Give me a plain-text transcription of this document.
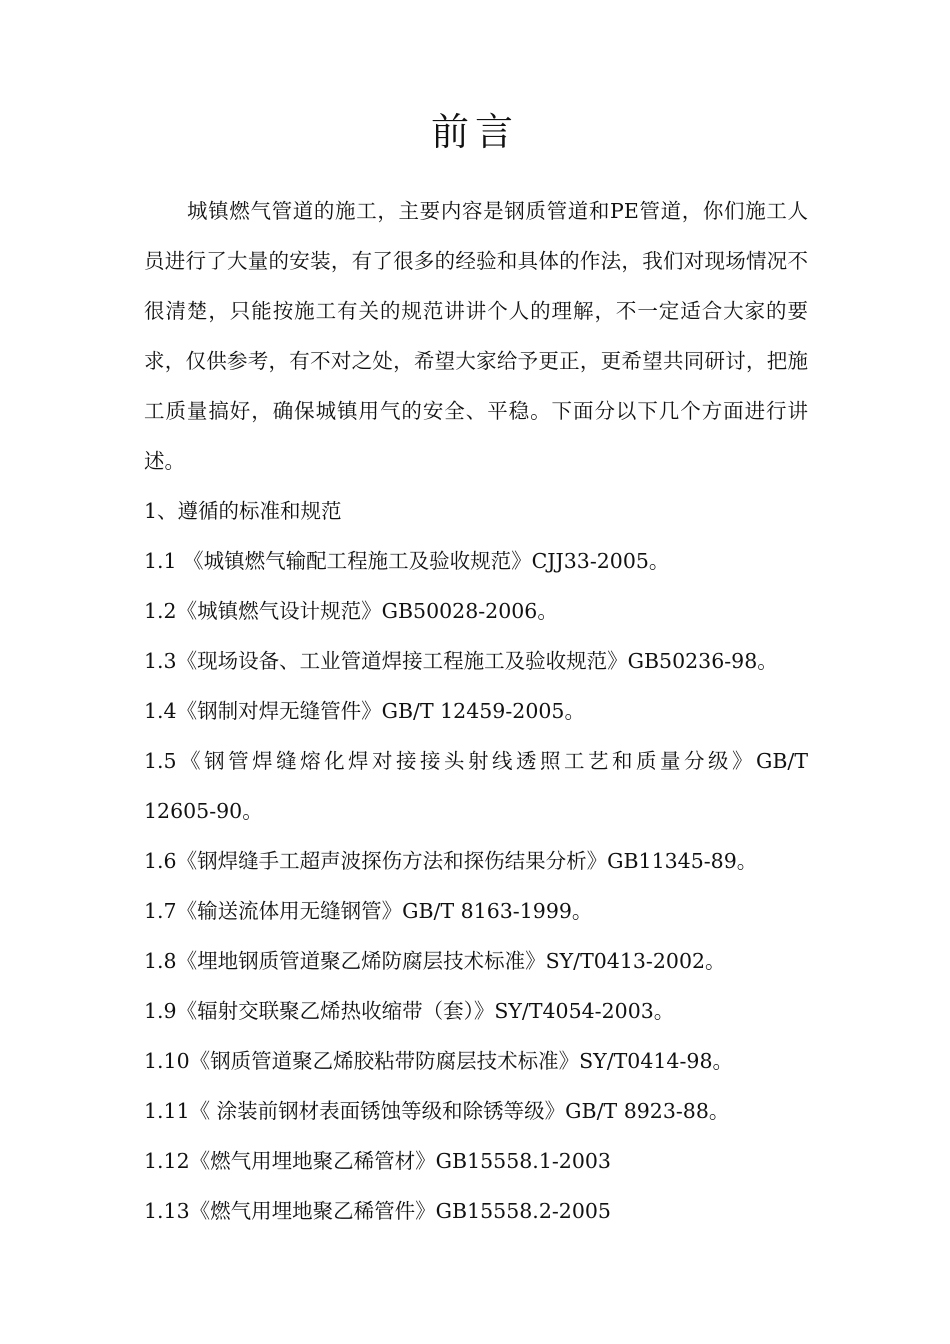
前言

城镇燃气管道的施工，主要内容是钢质管道和PE管道，你们施工人员进行了大量的安装，有了很多的经验和具体的作法，我们对现场情况不很清楚，只能按施工有关的规范讲讲个人的理解，不一定适合大家的要求，仅供参考，有不对之处，希望大家给予更正，更希望共同研讨，把施工质量搞好，确保城镇用气的安全、平稳。下面分以下几个方面进行讲述。

1、遵循的标准和规范

1.1 《城镇燃气输配工程施工及验收规范》CJJ33-2005。

1.2《城镇燃气设计规范》GB50028-2006。

1.3《现场设备、工业管道焊接工程施工及验收规范》GB50236-98。

1.4《钢制对焊无缝管件》GB/T 12459-2005。

1.5《钢管焊缝熔化焊对接接头射线透照工艺和质量分级》GB/T

12605-90。

1.6《钢焊缝手工超声波探伤方法和探伤结果分析》GB11345-89。

1.7《输送流体用无缝钢管》GB/T 8163-1999。

1.8《埋地钢质管道聚乙烯防腐层技术标准》SY/T0413-2002。

1.9《辐射交联聚乙烯热收缩带（套）》SY/T4054-2003。

1.10《钢质管道聚乙烯胶粘带防腐层技术标准》SY/T0414-98。

1.11《 涂装前钢材表面锈蚀等级和除锈等级》GB/T 8923-88。

1.12《燃气用埋地聚乙稀管材》GB15558.1-2003

1.13《燃气用埋地聚乙稀管件》GB15558.2-2005
